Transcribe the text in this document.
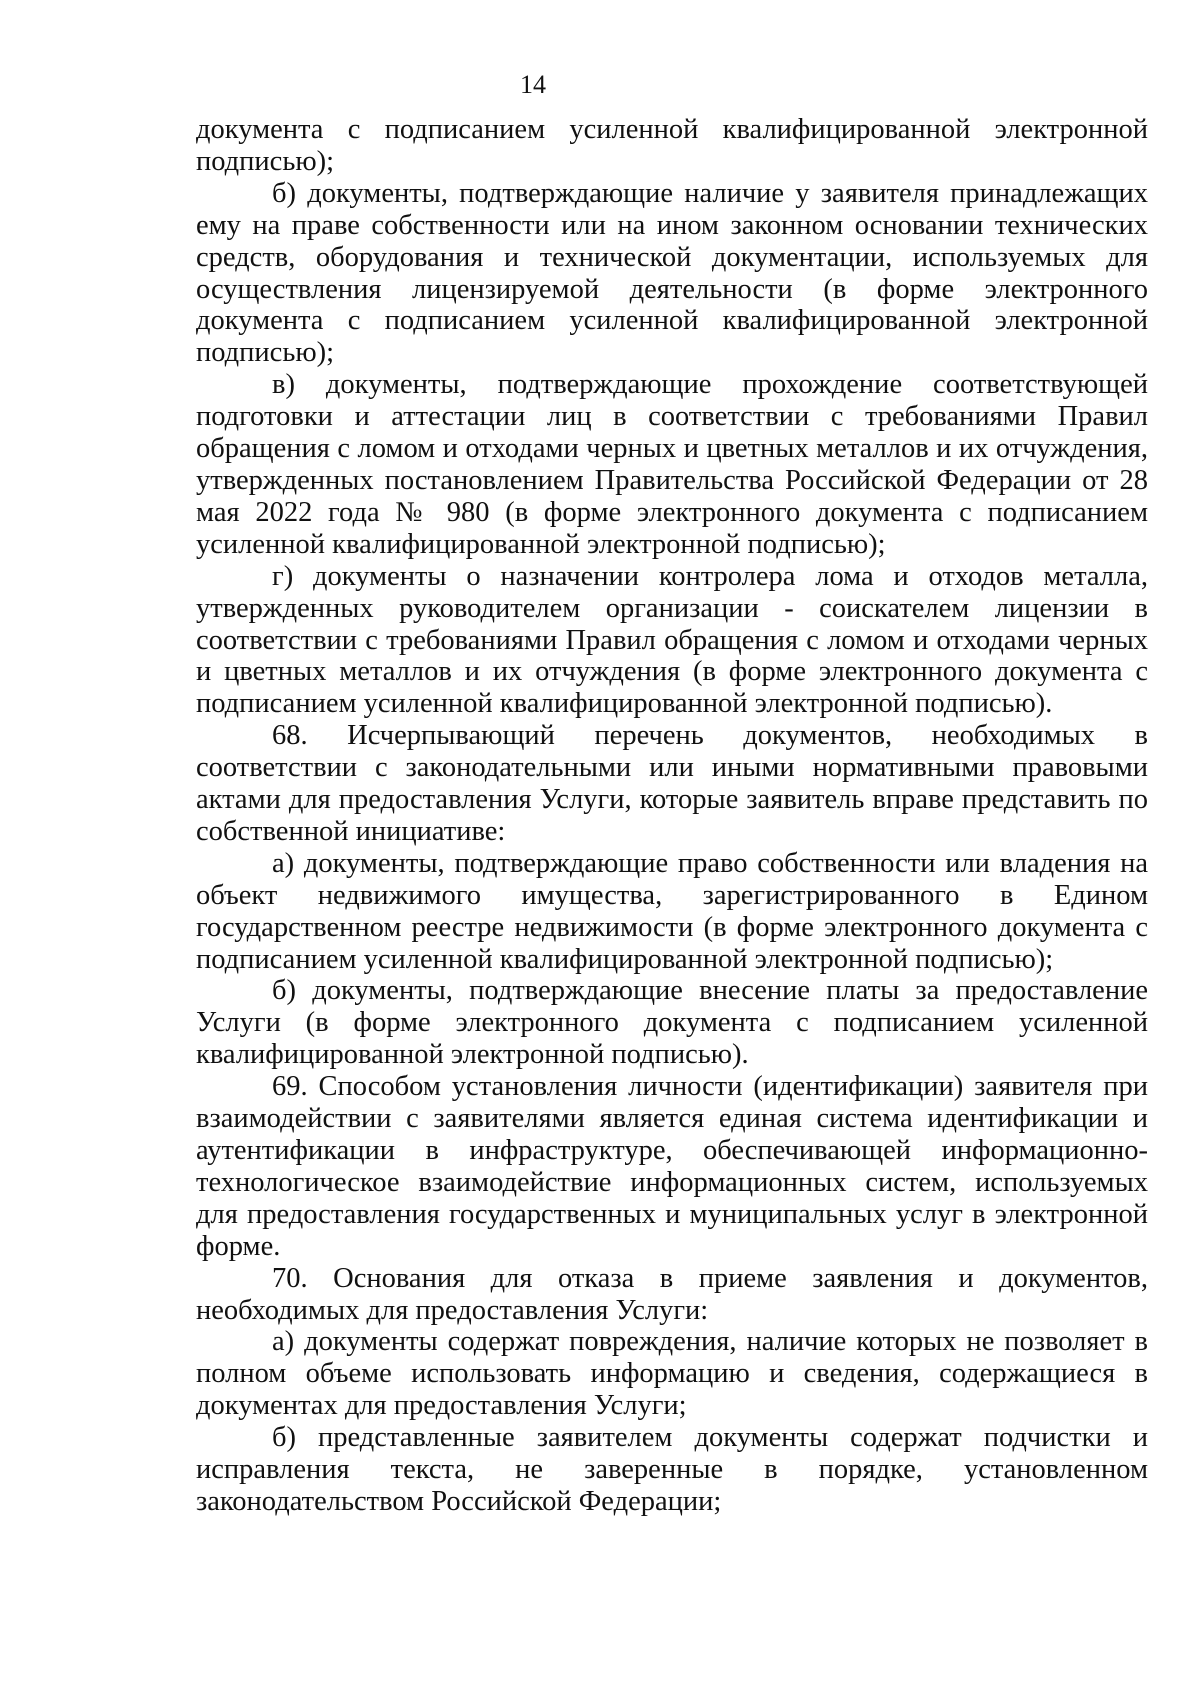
14

документа с подписанием усиленной квалифицированной электронной подписью);

б) документы, подтверждающие наличие у заявителя принадлежащих ему на праве собственности или на ином законном основании технических средств, оборудования и технической документации, используемых для осуществления лицензируемой деятельности (в форме электронного документа с подписанием усиленной квалифицированной электронной подписью);

в) документы, подтверждающие прохождение соответствующей подготовки и аттестации лиц в соответствии с требованиями Правил обращения с ломом и отходами черных и цветных металлов и их отчуждения, утвержденных постановлением Правительства Российской Федерации от 28 мая 2022 года № 980 (в форме электронного документа с подписанием усиленной квалифицированной электронной подписью);

г) документы о назначении контролера лома и отходов металла, утвержденных руководителем организации - соискателем лицензии в соответствии с требованиями Правил обращения с ломом и отходами черных и цветных металлов и их отчуждения (в форме электронного документа с подписанием усиленной квалифицированной электронной подписью).

68. Исчерпывающий перечень документов, необходимых в соответствии с законодательными или иными нормативными правовыми актами для предоставления Услуги, которые заявитель вправе представить по собственной инициативе:

а) документы, подтверждающие право собственности или владения на объект недвижимого имущества, зарегистрированного в Едином государственном реестре недвижимости (в форме электронного документа с подписанием усиленной квалифицированной электронной подписью);

б) документы, подтверждающие внесение платы за предоставление Услуги (в форме электронного документа с подписанием усиленной квалифицированной электронной подписью).

69. Способом установления личности (идентификации) заявителя при взаимодействии с заявителями является единая система идентификации и аутентификации в инфраструктуре, обеспечивающей информационно-технологическое взаимодействие информационных систем, используемых для предоставления государственных и муниципальных услуг в электронной форме.

70. Основания для отказа в приеме заявления и документов, необходимых для предоставления Услуги:

а) документы содержат повреждения, наличие которых не позволяет в полном объеме использовать информацию и сведения, содержащиеся в документах для предоставления Услуги;

б) представленные заявителем документы содержат подчистки и исправления текста, не заверенные в порядке, установленном законодательством Российской Федерации;
